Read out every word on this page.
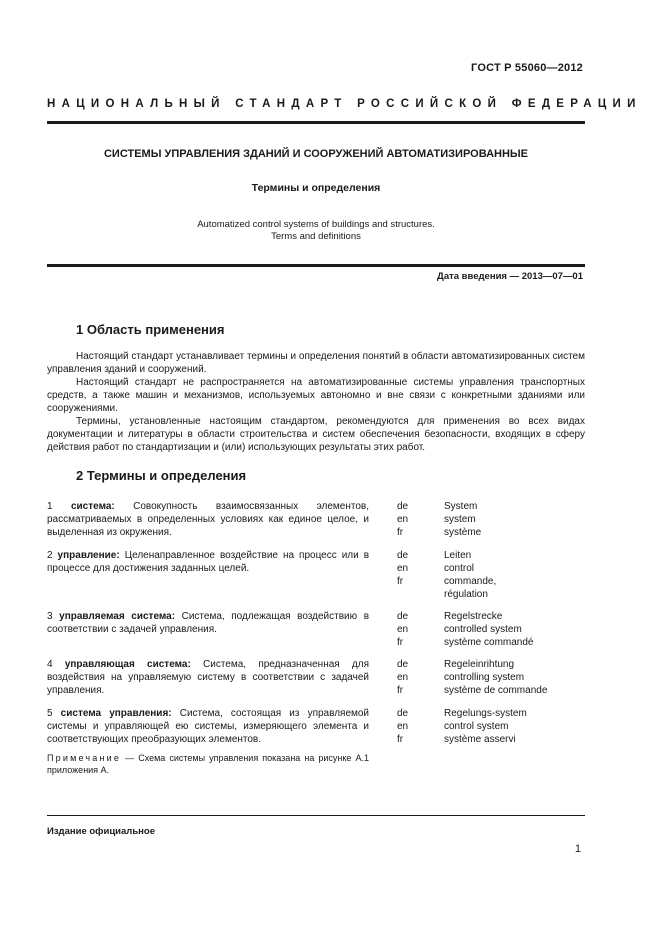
ГОСТ Р 55060—2012
НАЦИОНАЛЬНЫЙ СТАНДАРТ РОССИЙСКОЙ ФЕДЕРАЦИИ
СИСТЕМЫ УПРАВЛЕНИЯ ЗДАНИЙ И СООРУЖЕНИЙ АВТОМАТИЗИРОВАННЫЕ
Термины и определения
Automatized control systems of buildings and structures.
Terms and definitions
Дата введения — 2013—07—01
1 Область применения

Настоящий стандарт устанавливает термины и определения понятий в области автоматизированных систем управления зданий и сооружений.

Настоящий стандарт не распространяется на автоматизированные системы управления транспортных средств, а также машин и механизмов, используемых автономно и вне связи с конкретными зданиями или сооружениями.

Термины, установленные настоящим стандартом, рекомендуются для применения во всех видах документации и литературы в области строительства и систем обеспечения безопасности, входящих в сферу действия работ по стандартизации и (или) использующих результаты этих работ.

2 Термины и определения
1 система: Совокупность взаимосвязанных элементов, рассматриваемых в определенных условиях как единое целое, и выделенная из окружения.
de
en
fr
System
system
système
2 управление: Целенаправленное воздействие на процесс или в процессе для достижения заданных целей.
de
en
fr
Leiten
control
commande,
régulation
3 управляемая система: Система, подлежащая воздействию в соответствии с задачей управления.
de
en
fr
Regelstrecke
controlled system
système commandé
4 управляющая система: Система, предназначенная для воздействия на управляемую систему в соответствии с задачей управления.
de
en
fr
Regeleinrihtung
controlling system
système de commande
5 система управления: Система, состоящая из управляемой системы и управляющей ею системы, измеряющего элемента и соответствующих преобразующих элементов.
de
en
fr
Regelungs-system
control system
système asservi
Примечание — Схема системы управления показана на рисунке А.1 приложения А.
Издание официальное
1
